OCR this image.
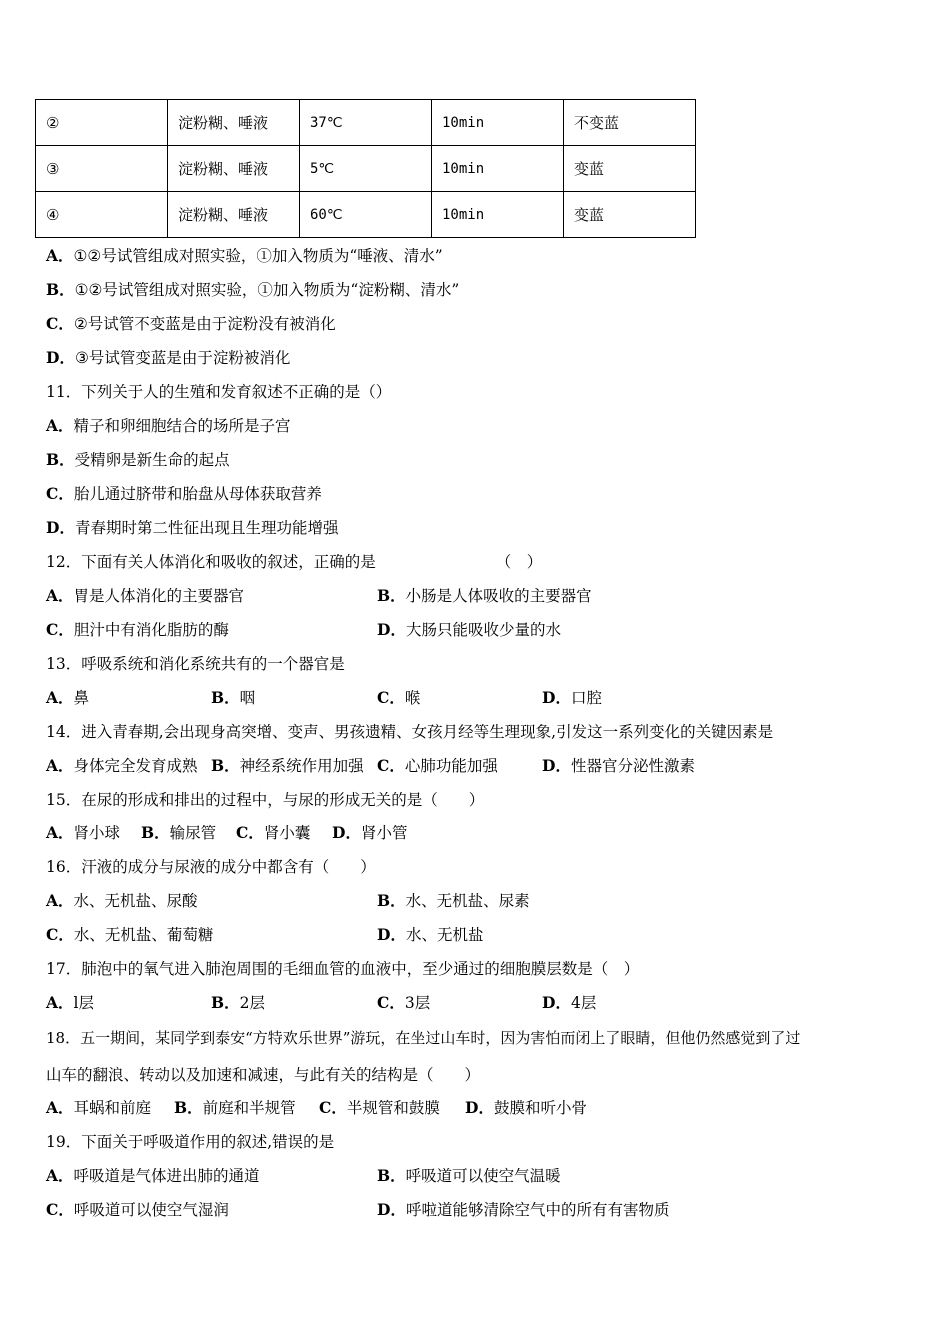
②	淀粉糊、唾液	37℃	10min	不变蓝
③	淀粉糊、唾液	5℃	10min	变蓝
④	淀粉糊、唾液	60℃	10min	变蓝
A．①②号试管组成对照实验，①加入物质为“唾液、清水”
B．①②号试管组成对照实验，①加入物质为“淀粉糊、清水”
C．②号试管不变蓝是由于淀粉没有被消化
D．③号试管变蓝是由于淀粉被消化
11．下列关于人的生殖和发育叙述不正确的是（）
A．精子和卵细胞结合的场所是子宫
B．受精卵是新生命的起点
C．胎儿通过脐带和胎盘从母体获取营养
D．青春期时第二性征出现且生理功能增强
12．下面有关人体消化和吸收的叙述，正确的是	（　）
A．胃是人体消化的主要器官	B．小肠是人体吸收的主要器官
C．胆汁中有消化脂肪的酶	D．大肠只能吸收少量的水
13．呼吸系统和消化系统共有的一个器官是
A．鼻	B．咽	C．喉	D．口腔
14．进入青春期,会出现身高突增、变声、男孩遗精、女孩月经等生理现象,引发这一系列变化的关键因素是
A．身体完全发育成熟 B．神经系统作用加强 C．心肺功能加强	D．性器官分泌性激素
15．在尿的形成和排出的过程中，与尿的形成无关的是（　　）
A．肾小球 B．输尿管 C．肾小囊 D．肾小管
16．汗液的成分与尿液的成分中都含有（　　）
A．水、无机盐、尿酸	B．水、无机盐、尿素
C．水、无机盐、葡萄糖	D．水、无机盐
17．肺泡中的氧气进入肺泡周围的毛细血管的血液中，至少通过的细胞膜层数是（　）
A．l层	B．2层	C．3层	D．4层
18．五一期间，某同学到泰安“方特欢乐世界”游玩，在坐过山车时，因为害怕而闭上了眼睛，但他仍然感觉到了过
山车的翻浪、转动以及加速和减速，与此有关的结构是（　　）
A．耳蜗和前庭 B．前庭和半规管 C．半规管和鼓膜 D．鼓膜和听小骨
19．下面关于呼吸道作用的叙述,错误的是
A．呼吸道是气体进出肺的通道	B．呼吸道可以使空气温暖
C．呼吸道可以使空气湿润	D．呼啦道能够清除空气中的所有有害物质
